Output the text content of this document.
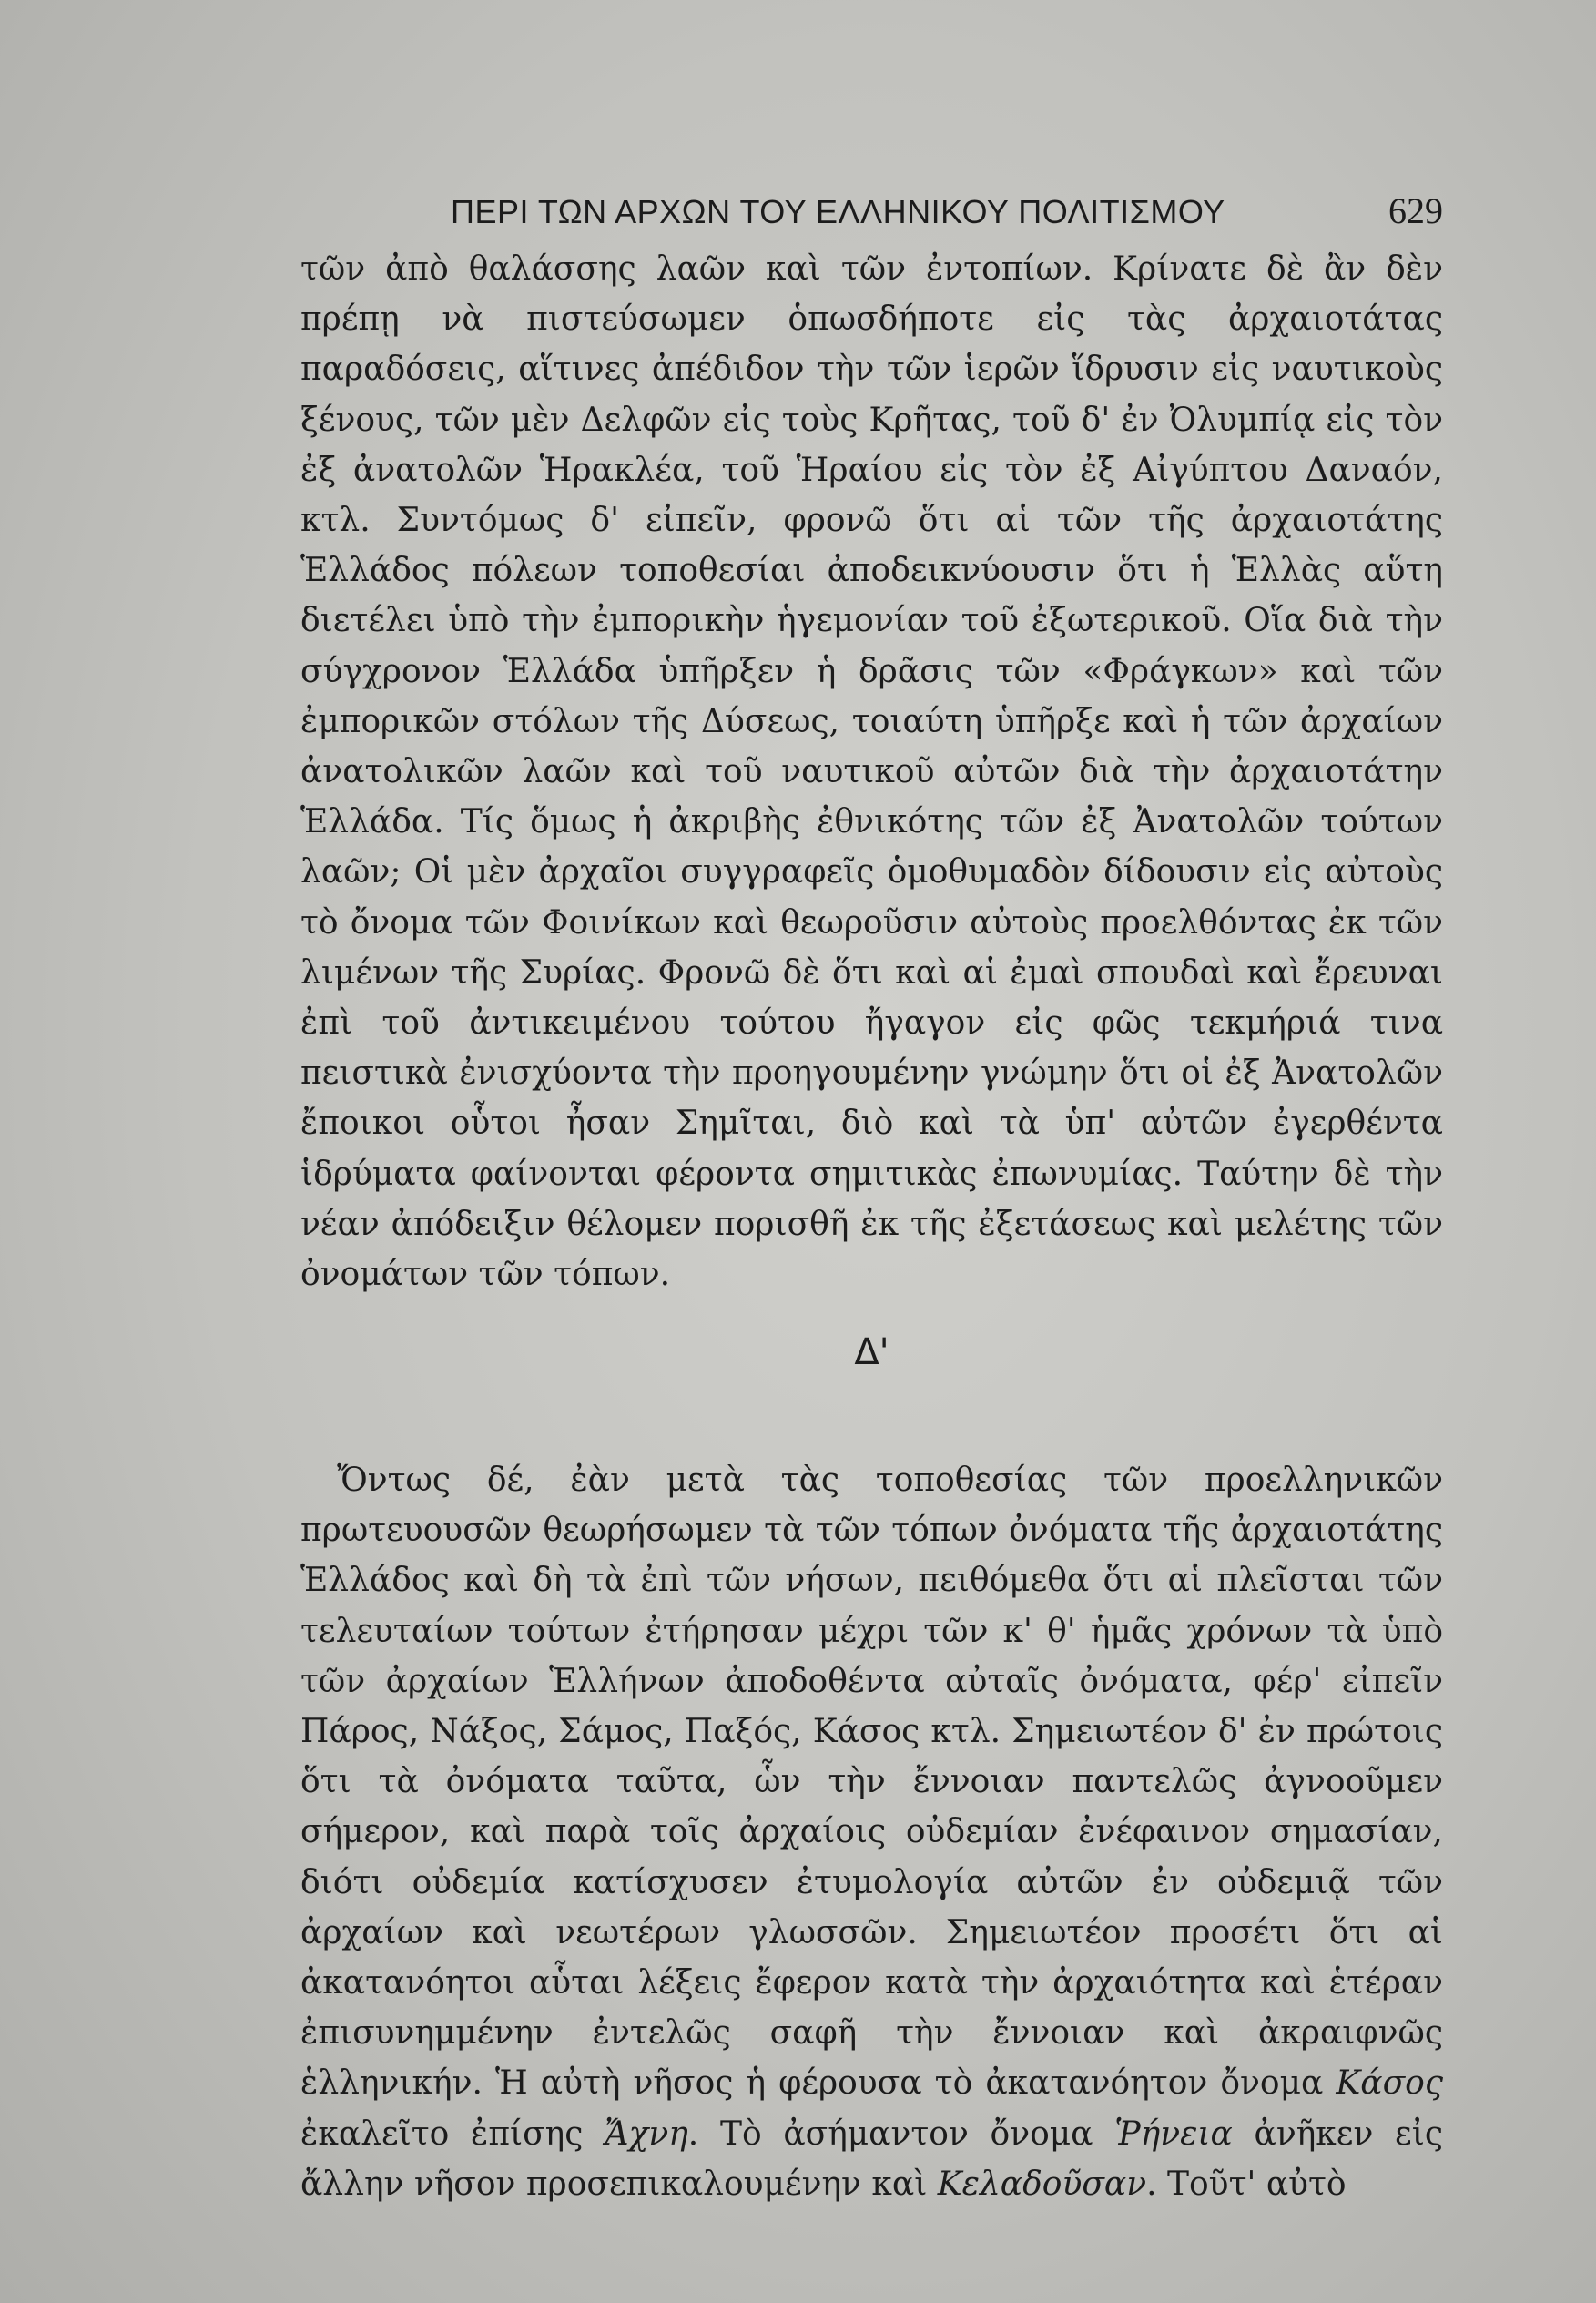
ΠΕΡΙ ΤΩΝ ΑΡΧΩΝ ΤΟΥ ΕΛΛΗΝΙΚΟΥ ΠΟΛΙΤΙΣΜΟΥ	629

τῶν ἀπὸ θαλάσσης λαῶν καὶ τῶν ἐντοπίων. Κρίνατε δὲ ἂν δὲν πρέπῃ νὰ πιστεύσωμεν ὁπωσδήποτε εἰς τὰς ἀρχαιοτάτας παραδόσεις, αἵτινες ἀπέδιδον τὴν τῶν ἱερῶν ἵδρυσιν εἰς ναυτικοὺς ξένους, τῶν μὲν Δελφῶν εἰς τοὺς Κρῆτας, τοῦ δ' ἐν Ὀλυμπίᾳ εἰς τὸν ἐξ ἀνατολῶν Ἡρακλέα, τοῦ Ἡραίου εἰς τὸν ἐξ Αἰγύπτου Δαναόν, κτλ. Συντόμως δ' εἰπεῖν, φρονῶ ὅτι αἱ τῶν τῆς ἀρχαιοτάτης Ἑλλάδος πόλεων τοποθεσίαι ἀποδεικνύουσιν ὅτι ἡ Ἑλλὰς αὕτη διετέλει ὑπὸ τὴν ἐμπορικὴν ἡγεμονίαν τοῦ ἐξωτερικοῦ. Οἵα διὰ τὴν σύγχρονον Ἑλλάδα ὑπῆρξεν ἡ δρᾶσις τῶν «Φράγκων» καὶ τῶν ἐμπορικῶν στόλων τῆς Δύσεως, τοιαύτη ὑπῆρξε καὶ ἡ τῶν ἀρχαίων ἀνατολικῶν λαῶν καὶ τοῦ ναυτικοῦ αὐτῶν διὰ τὴν ἀρχαιοτάτην Ἑλλάδα. Τίς ὅμως ἡ ἀκριβὴς ἐθνικότης τῶν ἐξ Ἀνατολῶν τούτων λαῶν; Οἱ μὲν ἀρχαῖοι συγγραφεῖς ὁμοθυμαδὸν δίδουσιν εἰς αὐτοὺς τὸ ὄνομα τῶν Φοινίκων καὶ θεωροῦσιν αὐτοὺς προελθόντας ἐκ τῶν λιμένων τῆς Συρίας. Φρονῶ δὲ ὅτι καὶ αἱ ἐμαὶ σπουδαὶ καὶ ἔρευναι ἐπὶ τοῦ ἀντικειμένου τούτου ἤγαγον εἰς φῶς τεκμήριά τινα πειστικὰ ἐνισχύοντα τὴν προηγουμένην γνώμην ὅτι οἱ ἐξ Ἀνατολῶν ἔποικοι οὗτοι ἦσαν Σημῖται, διὸ καὶ τὰ ὑπ' αὐτῶν ἐγερθέντα ἱδρύματα φαίνονται φέροντα σημιτικὰς ἐπωνυμίας. Ταύτην δὲ τὴν νέαν ἀπόδειξιν θέλομεν πορισθῆ ἐκ τῆς ἐξετάσεως καὶ μελέτης τῶν ὀνομάτων τῶν τόπων.

Δ'

Ὄντως δέ, ἐὰν μετὰ τὰς τοποθεσίας τῶν προελληνικῶν πρωτευουσῶν θεωρήσωμεν τὰ τῶν τόπων ὀνόματα τῆς ἀρχαιοτάτης Ἑλλάδος καὶ δὴ τὰ ἐπὶ τῶν νήσων, πειθόμεθα ὅτι αἱ πλεῖσται τῶν τελευταίων τούτων ἐτήρησαν μέχρι τῶν κ' θ' ἡμᾶς χρόνων τὰ ὑπὸ τῶν ἀρχαίων Ἑλλήνων ἀποδοθέντα αὐταῖς ὀνόματα, φέρ' εἰπεῖν Πάρος, Νάξος, Σάμος, Παξός, Κάσος κτλ. Σημειωτέον δ' ἐν πρώτοις ὅτι τὰ ὀνόματα ταῦτα, ὧν τὴν ἔννοιαν παντελῶς ἀγνοοῦμεν σήμερον, καὶ παρὰ τοῖς ἀρχαίοις οὐδεμίαν ἐνέφαινον σημασίαν, διότι οὐδεμία κατίσχυσεν ἐτυμολογία αὐτῶν ἐν οὐδεμιᾷ τῶν ἀρχαίων καὶ νεωτέρων γλωσσῶν. Σημειωτέον προσέτι ὅτι αἱ ἀκατανόητοι αὗται λέξεις ἔφερον κατὰ τὴν ἀρχαιότητα καὶ ἑτέραν ἐπισυνημμένην ἐντελῶς σαφῆ τὴν ἔννοιαν καὶ ἀκραιφνῶς ἑλληνικήν. Ἡ αὐτὴ νῆσος ἡ φέρουσα τὸ ἀκατανόητον ὄνομα Κάσος ἐκαλεῖτο ἐπίσης Ἄχνη. Τὸ ἀσήμαντον ὄνομα Ῥήνεια ἀνῆκεν εἰς ἄλλην νῆσον προσεπικαλουμένην καὶ Κελαδοῦσαν. Τοῦτ' αὐτὸ
